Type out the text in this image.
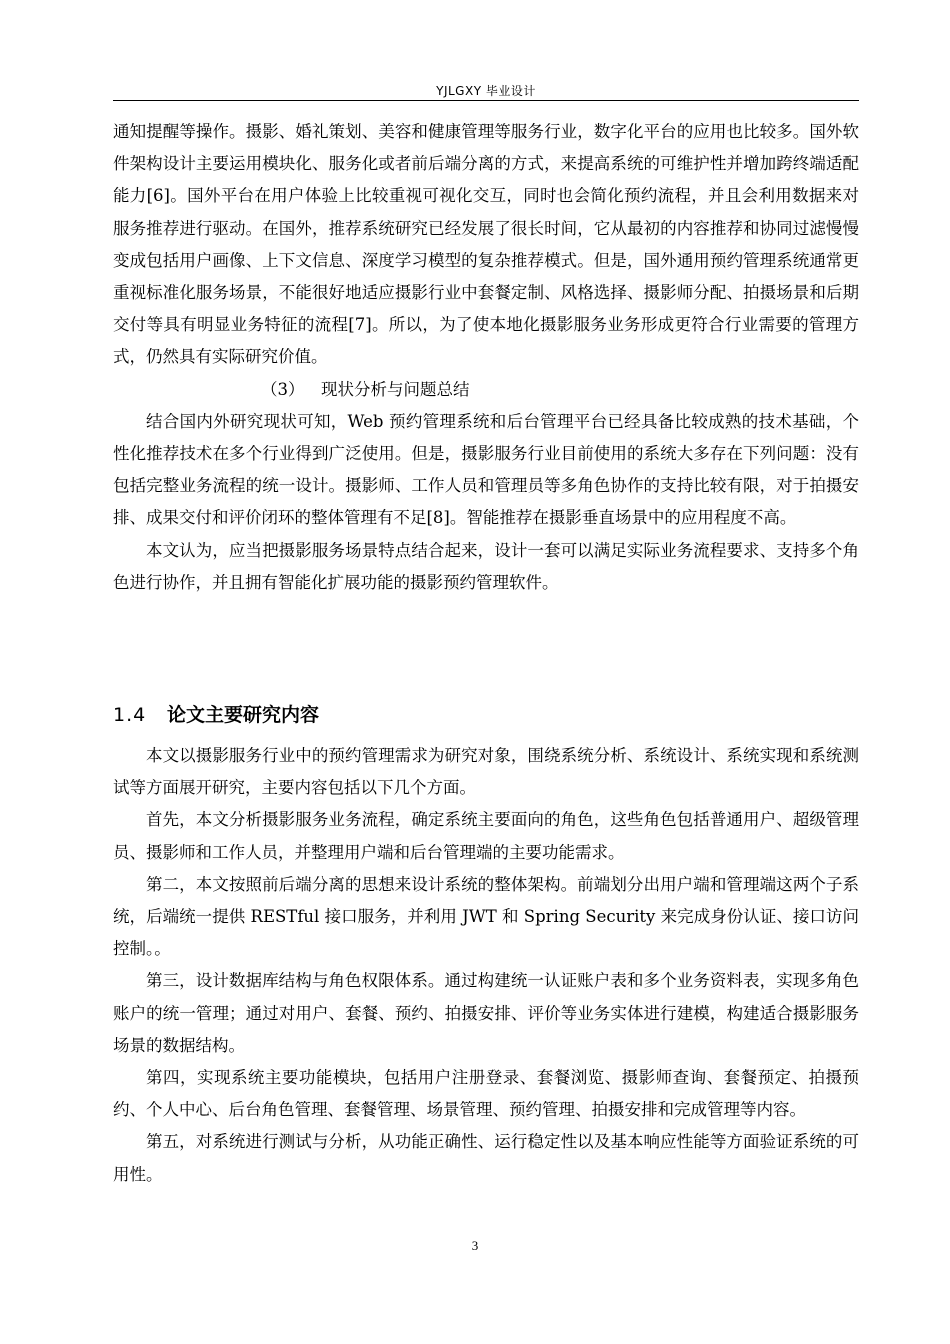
YJLGXY 毕业设计

通知提醒等操作。摄影、婚礼策划、美容和健康管理等服务行业，数字化平台的应用也比较多。国外软件架构设计主要运用模块化、服务化或者前后端分离的方式，来提高系统的可维护性并增加跨终端适配能力[6]。国外平台在用户体验上比较重视可视化交互，同时也会简化预约流程，并且会利用数据来对服务推荐进行驱动。在国外，推荐系统研究已经发展了很长时间，它从最初的内容推荐和协同过滤慢慢变成包括用户画像、上下文信息、深度学习模型的复杂推荐模式。但是，国外通用预约管理系统通常更重视标准化服务场景，不能很好地适应摄影行业中套餐定制、风格选择、摄影师分配、拍摄场景和后期交付等具有明显业务特征的流程[7]。所以，为了使本地化摄影服务业务形成更符合行业需要的管理方式，仍然具有实际研究价值。

（3） 现状分析与问题总结

结合国内外研究现状可知，Web 预约管理系统和后台管理平台已经具备比较成熟的技术基础，个性化推荐技术在多个行业得到广泛使用。但是，摄影服务行业目前使用的系统大多存在下列问题：没有包括完整业务流程的统一设计。摄影师、工作人员和管理员等多角色协作的支持比较有限，对于拍摄安排、成果交付和评价闭环的整体管理有不足[8]。智能推荐在摄影垂直场景中的应用程度不高。

本文认为，应当把摄影服务场景特点结合起来，设计一套可以满足实际业务流程要求、支持多个角色进行协作，并且拥有智能化扩展功能的摄影预约管理软件。

1.4 论文主要研究内容

本文以摄影服务行业中的预约管理需求为研究对象，围绕系统分析、系统设计、系统实现和系统测试等方面展开研究，主要内容包括以下几个方面。

首先，本文分析摄影服务业务流程，确定系统主要面向的角色，这些角色包括普通用户、超级管理员、摄影师和工作人员，并整理用户端和后台管理端的主要功能需求。

第二，本文按照前后端分离的思想来设计系统的整体架构。前端划分出用户端和管理端这两个子系统，后端统一提供 RESTful 接口服务，并利用 JWT 和 Spring Security 来完成身份认证、接口访问控制。。

第三，设计数据库结构与角色权限体系。通过构建统一认证账户表和多个业务资料表，实现多角色账户的统一管理；通过对用户、套餐、预约、拍摄安排、评价等业务实体进行建模，构建适合摄影服务场景的数据结构。

第四，实现系统主要功能模块，包括用户注册登录、套餐浏览、摄影师查询、套餐预定、拍摄预约、个人中心、后台角色管理、套餐管理、场景管理、预约管理、拍摄安排和完成管理等内容。

第五，对系统进行测试与分析，从功能正确性、运行稳定性以及基本响应性能等方面验证系统的可用性。

3
